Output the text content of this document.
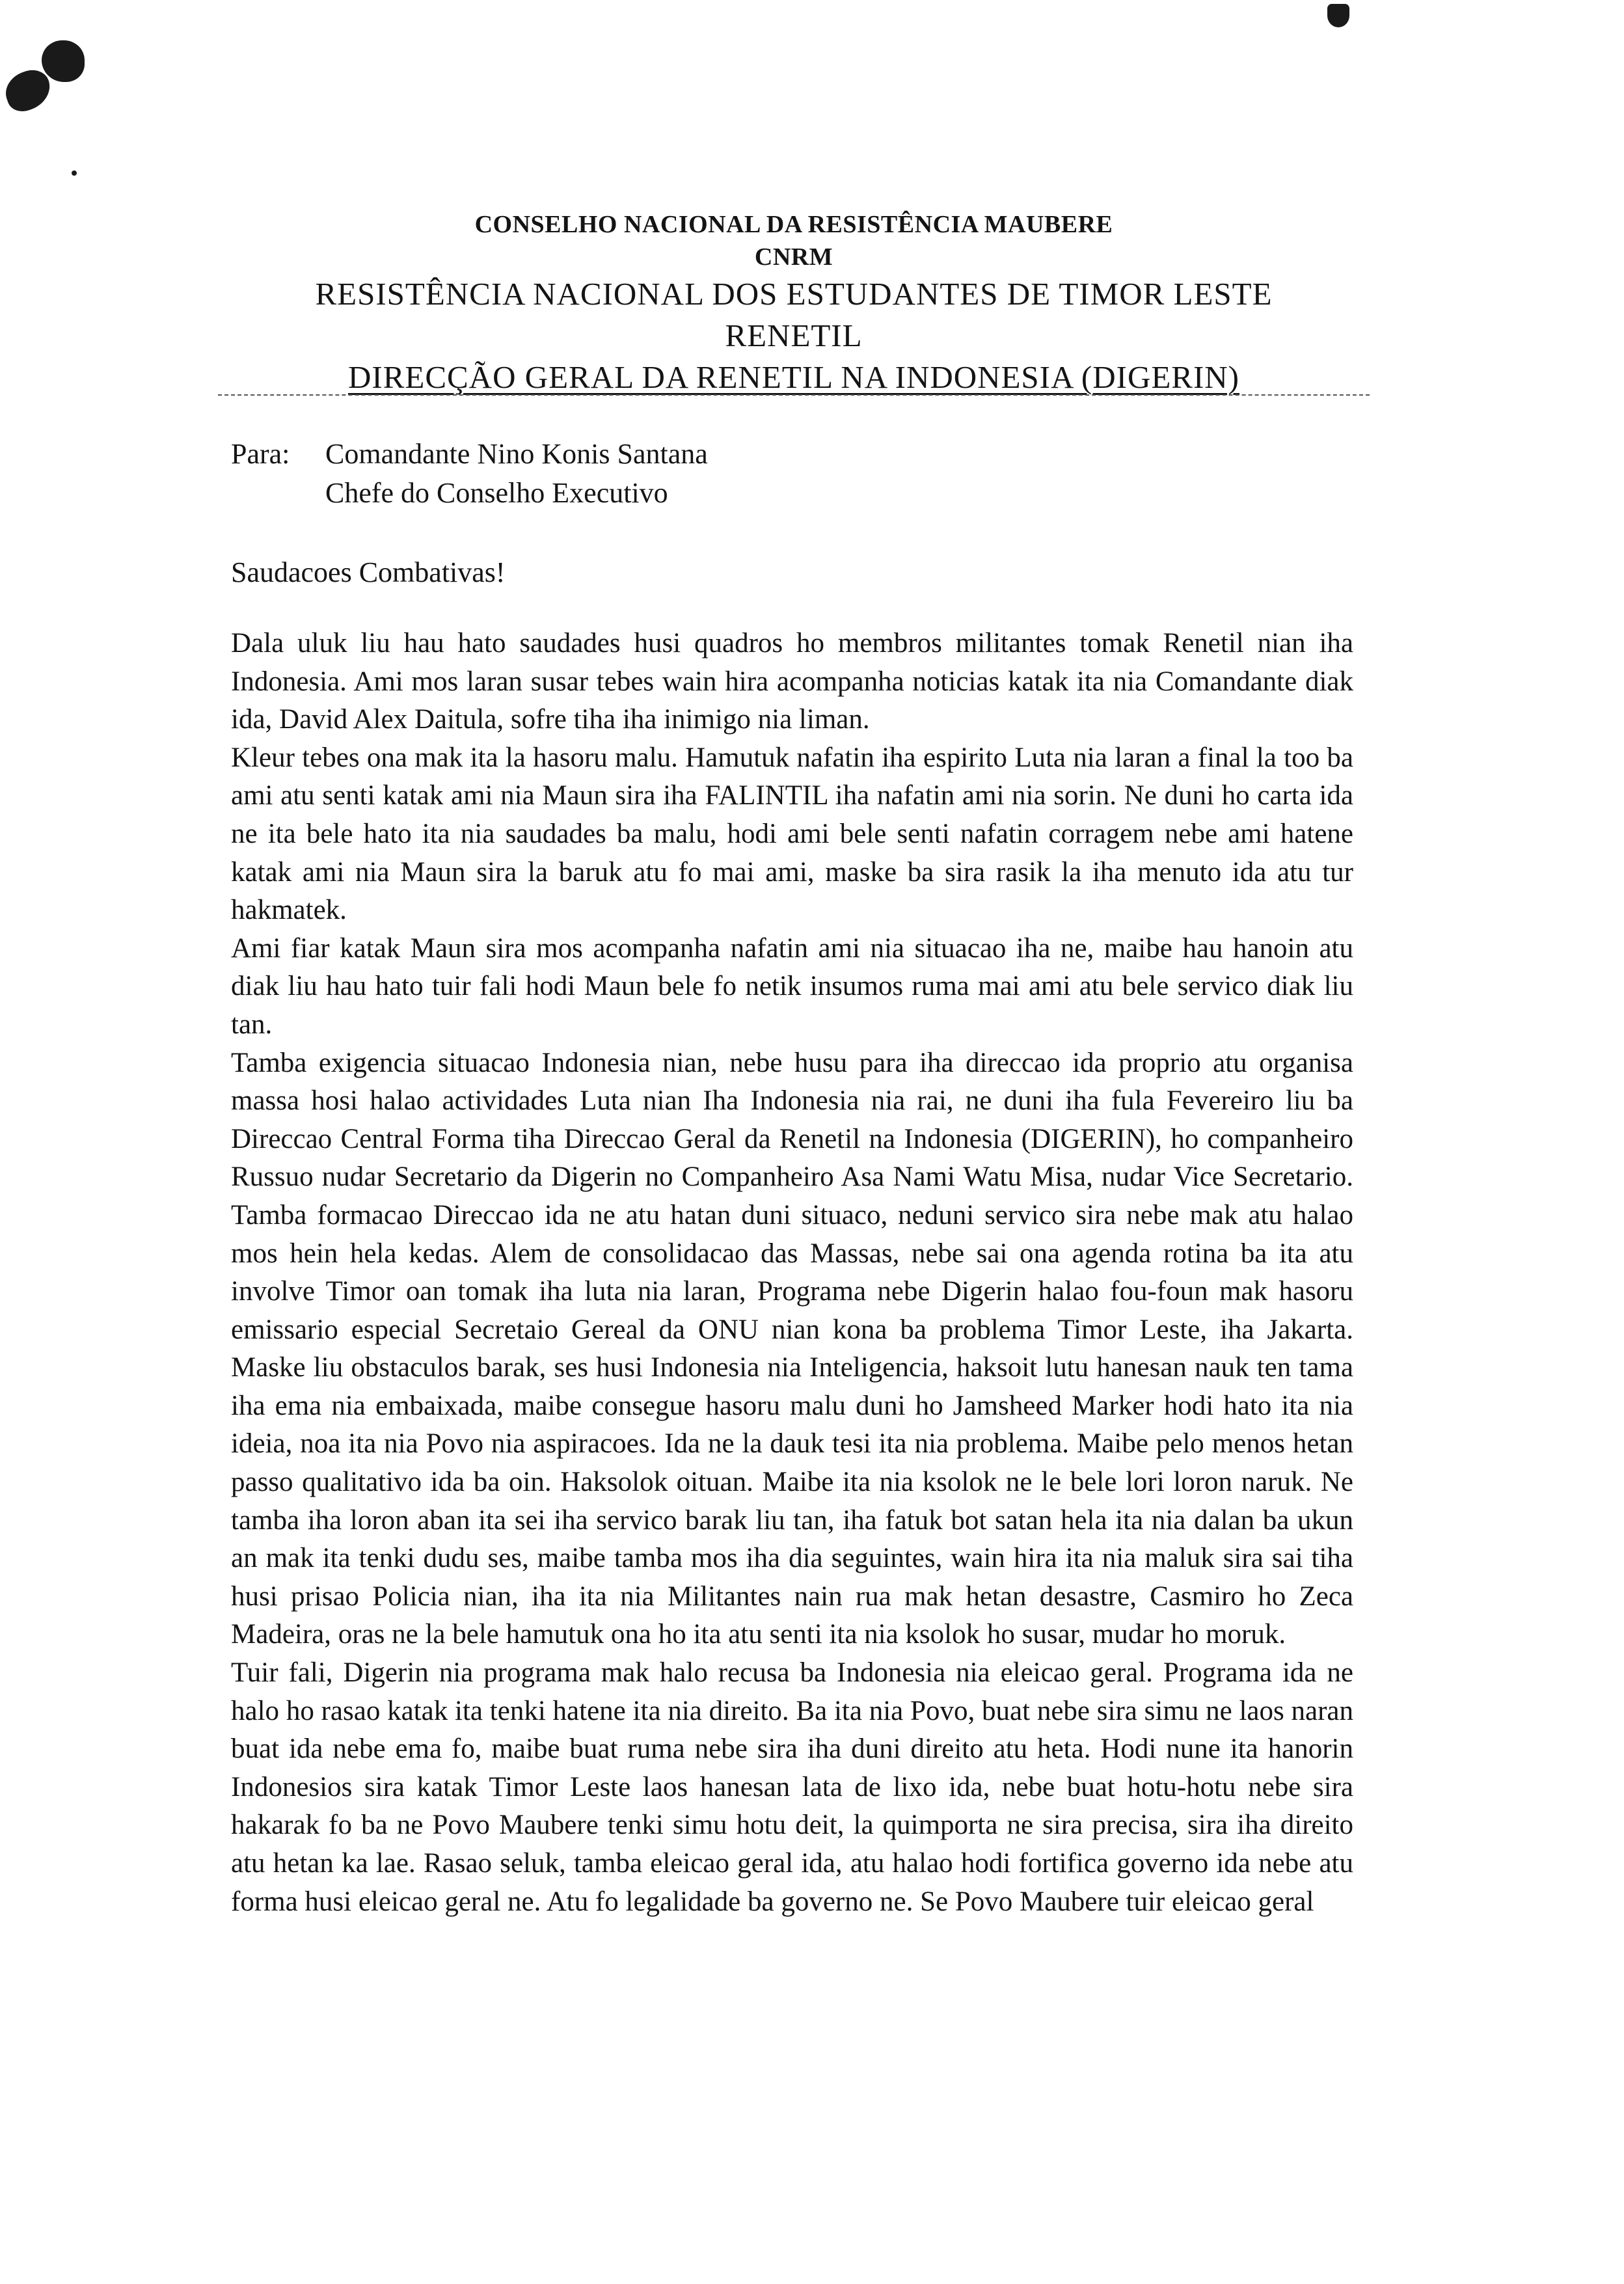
CONSELHO NACIONAL DA RESISTÊNCIA MAUBERE
CNRM
RESISTÊNCIA NACIONAL DOS ESTUDANTES DE TIMOR LESTE
RENETIL
DIRECÇÃO GERAL DA RENETIL NA INDONESIA (DIGERIN)
Para: Comandante Nino Konis Santana
Chefe do Conselho Executivo
Saudacoes Combativas!

Dala uluk liu hau hato saudades husi quadros ho membros militantes tomak Renetil nian iha Indonesia. Ami mos laran susar tebes wain hira acompanha noticias katak ita nia Comandante diak ida, David Alex Daitula, sofre tiha iha inimigo nia liman.

Kleur tebes ona mak ita la hasoru malu. Hamutuk nafatin iha espirito Luta nia laran a final la too ba ami atu senti katak ami nia Maun sira iha FALINTIL iha nafatin ami nia sorin. Ne duni ho carta ida ne ita bele hato ita nia saudades ba malu, hodi ami bele senti nafatin corragem nebe ami hatene katak ami nia Maun sira la baruk atu fo mai ami, maske ba sira rasik la iha menuto ida atu tur hakmatek.

Ami fiar katak Maun sira mos acompanha nafatin ami nia situacao iha ne, maibe hau hanoin atu diak liu hau hato tuir fali hodi Maun bele fo netik insumos ruma mai ami atu bele servico diak liu tan.

Tamba exigencia situacao Indonesia nian, nebe husu para iha direccao ida proprio atu organisa massa hosi halao actividades Luta nian Iha Indonesia nia rai, ne duni iha fula Fevereiro liu ba Direccao Central Forma tiha Direccao Geral da Renetil na Indonesia (DIGERIN), ho companheiro Russuo nudar Secretario da Digerin no Companheiro Asa Nami Watu Misa, nudar Vice Secretario. Tamba formacao Direccao ida ne atu hatan duni situaco, neduni servico sira nebe mak atu halao mos hein hela kedas. Alem de consolidacao das Massas, nebe sai ona agenda rotina ba ita atu involve Timor oan tomak iha luta nia laran, Programa nebe Digerin halao fou-foun mak hasoru emissario especial Secretaio Gereal da ONU nian kona ba problema Timor Leste, iha Jakarta. Maske liu obstaculos barak, ses husi Indonesia nia Inteligencia, haksoit lutu hanesan nauk ten tama iha ema nia embaixada, maibe consegue hasoru malu duni ho Jamsheed Marker hodi hato ita nia ideia, noa ita nia Povo nia aspiracoes. Ida ne la dauk tesi ita nia problema. Maibe pelo menos hetan passo qualitativo ida ba oin. Haksolok oituan. Maibe ita nia ksolok ne le bele lori loron naruk. Ne tamba iha loron aban ita sei iha servico barak liu tan, iha fatuk bot satan hela ita nia dalan ba ukun an mak ita tenki dudu ses, maibe tamba mos iha dia seguintes, wain hira ita nia maluk sira sai tiha husi prisao Policia nian, iha ita nia Militantes nain rua mak hetan desastre, Casmiro ho Zeca Madeira, oras ne la bele hamutuk ona ho ita atu senti ita nia ksolok ho susar, mudar ho moruk.

Tuir fali, Digerin nia programa mak halo recusa ba Indonesia nia eleicao geral. Programa ida ne halo ho rasao katak ita tenki hatene ita nia direito. Ba ita nia Povo, buat nebe sira simu ne laos naran buat ida nebe ema fo, maibe buat ruma nebe sira iha duni direito atu heta. Hodi nune ita hanorin Indonesios sira katak Timor Leste laos hanesan lata de lixo ida, nebe buat hotu-hotu nebe sira hakarak fo ba ne Povo Maubere tenki simu hotu deit, la quimporta ne sira precisa, sira iha direito atu hetan ka lae. Rasao seluk, tamba eleicao geral ida, atu halao hodi fortifica governo ida nebe atu forma husi eleicao geral ne. Atu fo legalidade ba governo ne. Se Povo Maubere tuir eleicao geral
